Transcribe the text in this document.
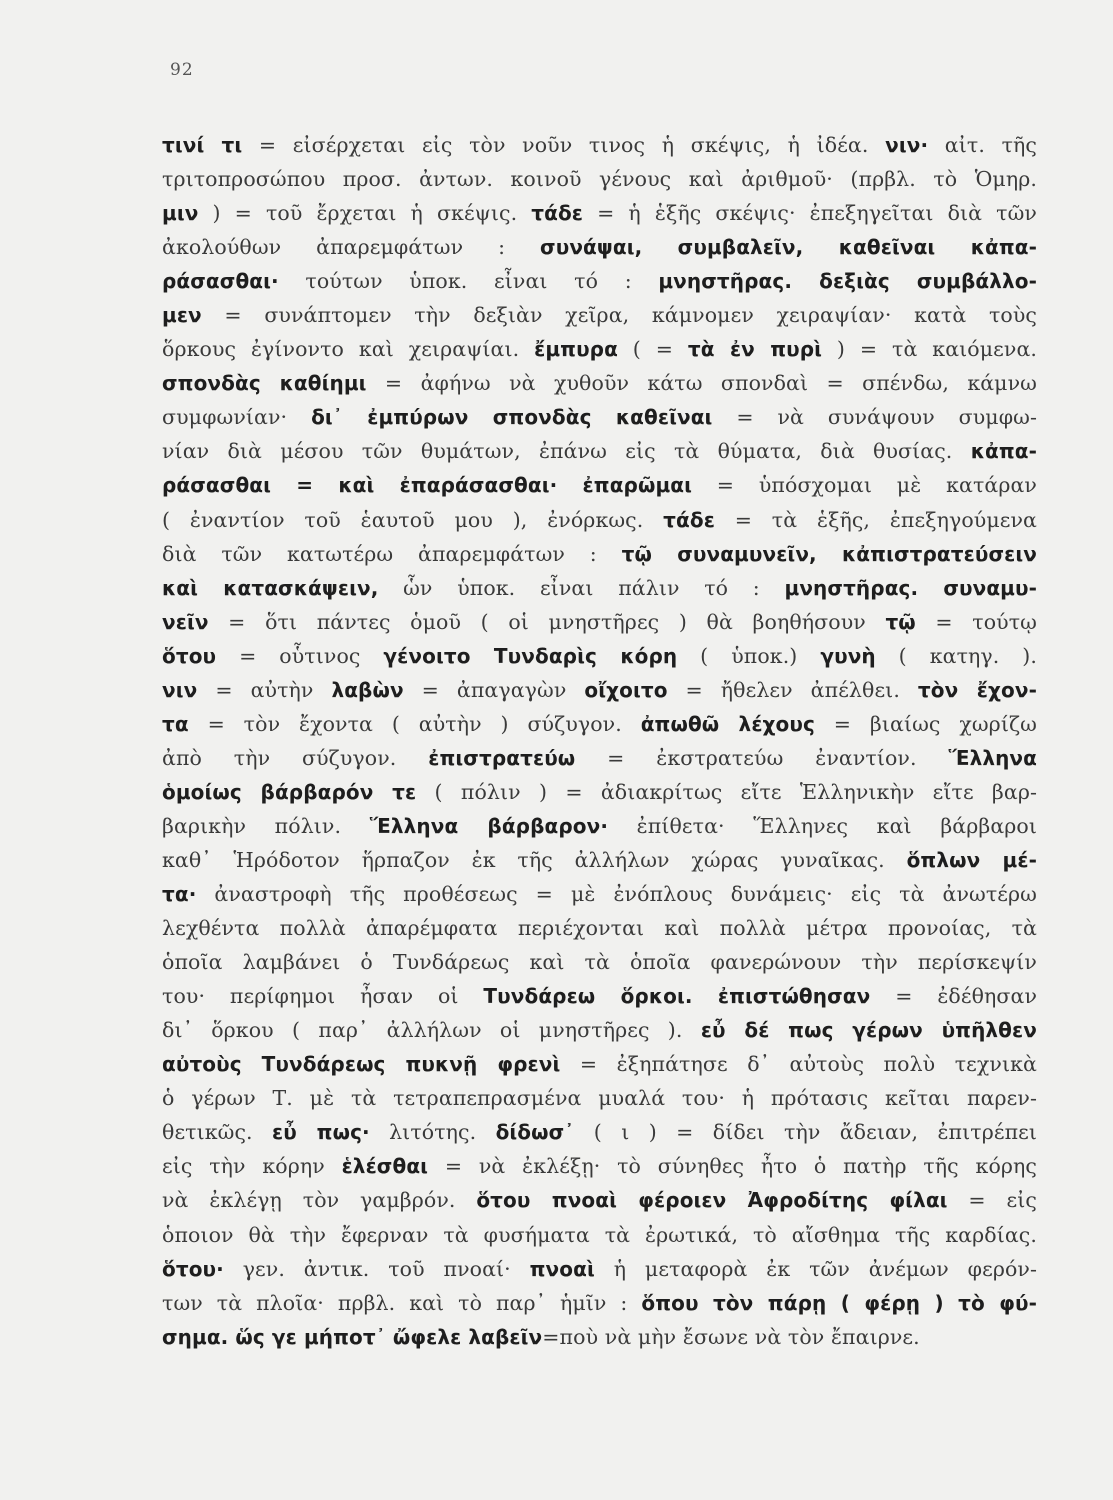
92
τινί τι = εἰσέρχεται εἰς τὸν νοῦν τινος ἡ σκέψις, ἡ ἰδέα. νιν· αἰτ. τῆς
τριτοπροσώπου προσ. ἀντων. κοινοῦ γένους καὶ ἀριθμοῦ· (πρβλ. τὸ Ὁμηρ.
μιν ) = τοῦ ἔρχεται ἡ σκέψις. τάδε = ἡ ἑξῆς σκέψις· ἐπεξηγεῖται διὰ τῶν
ἀκολούθων ἀπαρεμφάτων : συνάψαι, συμβαλεῖν, καθεῖναι κἀπα-
ράσασθαι· τούτων ὑποκ. εἶναι τό : μνηστῆρας. δεξιὰς συμβάλλο-
μεν = συνάπτομεν τὴν δεξιὰν χεῖρα, κάμνομεν χειραψίαν· κατὰ τοὺς
ὅρκους ἐγίνοντο καὶ χειραψίαι. ἔμπυρα ( = τὰ ἐν πυρὶ ) = τὰ καιόμενα.
σπονδὰς καθίημι = ἀφήνω νὰ χυθοῦν κάτω σπονδαὶ = σπένδω, κάμνω
συμφωνίαν· δι᾽ ἐμπύρων σπονδὰς καθεῖναι = νὰ συνάψουν συμφω-
νίαν διὰ μέσου τῶν θυμάτων, ἐπάνω εἰς τὰ θύματα, διὰ θυσίας. κἀπα-
ράσασθαι = καὶ ἐπαράσασθαι· ἐπαρῶμαι = ὑπόσχομαι μὲ κατάραν
( ἐναντίον τοῦ ἑαυτοῦ μου ), ἐνόρκως. τάδε = τὰ ἑξῆς, ἐπεξηγούμενα
διὰ τῶν κατωτέρω ἀπαρεμφάτων : τῷ συναμυνεῖν, κἀπιστρατεύσειν
καὶ κατασκάψειν, ὧν ὑποκ. εἶναι πάλιν τό : μνηστῆρας. συναμυ-
νεῖν = ὅτι πάντες ὁμοῦ ( οἱ μνηστῆρες ) θὰ βοηθήσουν τῷ = τούτῳ
ὅτου = οὗτινος γένοιτο Τυνδαρὶς κόρη ( ὑποκ.) γυνὴ ( κατηγ. ).
νιν = αὐτὴν λαβὼν = ἀπαγαγὼν οἴχοιτο = ἤθελεν ἀπέλθει. τὸν ἔχον-
τα = τὸν ἔχοντα ( αὐτὴν ) σύζυγον. ἀπωθῶ λέχους = βιαίως χωρίζω
ἀπὸ τὴν σύζυγον. ἐπιστρατεύω = ἐκστρατεύω ἐναντίον. Ἕλληνα
ὁμοίως βάρβαρόν τε ( πόλιν ) = ἀδιακρίτως εἴτε Ἑλληνικὴν εἴτε βαρ-
βαρικὴν πόλιν. Ἕλληνα βάρβαρον· ἐπίθετα· Ἕλληνες καὶ βάρβαροι
καθ᾽ Ἡρόδοτον ἥρπαζον ἐκ τῆς ἀλλήλων χώρας γυναῖκας. ὅπλων μέ-
τα· ἀναστροφὴ τῆς προθέσεως = μὲ ἐνόπλους δυνάμεις· εἰς τὰ ἀνωτέρω
λεχθέντα πολλὰ ἀπαρέμφατα περιέχονται καὶ πολλὰ μέτρα προνοίας, τὰ
ὁποῖα λαμβάνει ὁ Τυνδάρεως καὶ τὰ ὁποῖα φανερώνουν τὴν περίσκεψίν
του· περίφημοι ἦσαν οἱ Τυνδάρεω ὅρκοι. ἐπιστώθησαν = ἐδέθησαν
δι᾽ ὅρκου ( παρ᾽ ἀλλήλων οἱ μνηστῆρες ). εὖ δέ πως γέρων ὑπῆλθεν
αὐτοὺς Τυνδάρεως πυκνῇ φρενὶ = ἐξηπάτησε δ᾽ αὐτοὺς πολὺ τεχνικὰ
ὁ γέρων Τ. μὲ τὰ τετραπεπρασμένα μυαλά του· ἡ πρότασις κεῖται παρεν-
θετικῶς. εὖ πως· λιτότης. δίδωσ᾽ ( ι ) = δίδει τὴν ἄδειαν, ἐπιτρέπει
εἰς τὴν κόρην ἑλέσθαι = νὰ ἐκλέξῃ· τὸ σύνηθες ἦτο ὁ πατὴρ τῆς κόρης
νὰ ἐκλέγῃ τὸν γαμβρόν. ὅτου πνοαὶ φέροιεν Ἀφροδίτης φίλαι = εἰς
ὁποιον θὰ τὴν ἔφερναν τὰ φυσήματα τὰ ἐρωτικά, τὸ αἴσθημα τῆς καρδίας.
ὅτου· γεν. ἀντικ. τοῦ πνοαί· πνοαὶ ἡ μεταφορὰ ἐκ τῶν ἀνέμων φερόν-
των τὰ πλοῖα· πρβλ. καὶ τὸ παρ᾽ ἡμῖν : ὅπου τὸν πάρῃ ( φέρῃ ) τὸ φύ-
σημα. ὥς γε μήποτ᾽ ὤφελε λαβεῖν=ποὺ νὰ μὴν ἔσωνε νὰ τὸν ἔπαιρνε.
